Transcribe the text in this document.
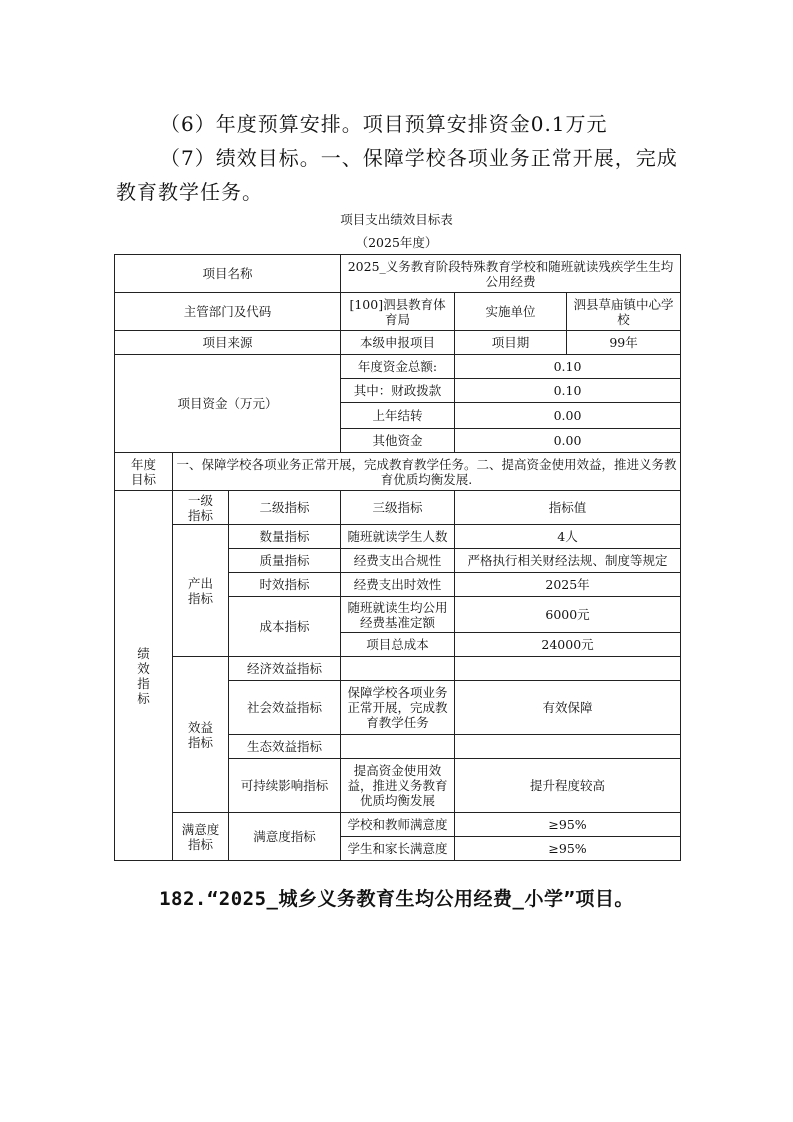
（6）年度预算安排。项目预算安排资金0.1万元

（7）绩效目标。一、保障学校各项业务正常开展，完成教育教学任务。

项目支出绩效目标表
（2025年度）
项目名称			2025_义务教育阶段特殊教育学校和随班就读残疾学生生均公用经费		
主管部门及代码			[100]泗县教育体育局	实施单位	泗县草庙镇中心学校
项目来源			本级申报项目	项目期	99年
项目资金（万元）			年度资金总额:	0.10	
			其中：财政拨款	0.10	
			上年结转	0.00	
			其他资金	0.00	
年度目标	一、保障学校各项业务正常开展，完成教育教学任务。二、提高资金使用效益，推进义务教育优质均衡发展.				
绩效指标	一级指标	二级指标	三级指标	指标值	
	产出指标	数量指标	随班就读学生人数	4人	
		质量指标	经费支出合规性	严格执行相关财经法规、制度等规定	
		时效指标	经费支出时效性	2025年	
		成本指标	随班就读生均公用经费基准定额	6000元	
			项目总成本	24000元	
	效益指标	经济效益指标			
		社会效益指标	保障学校各项业务正常开展，完成教育教学任务	有效保障	
		生态效益指标			
		可持续影响指标	提高资金使用效益，推进义务教育优质均衡发展	提升程度较高	
	满意度指标	满意度指标	学校和教师满意度	≥95%	
			学生和家长满意度	≥95%	
182.“2025_城乡义务教育生均公用经费_小学”项目。
